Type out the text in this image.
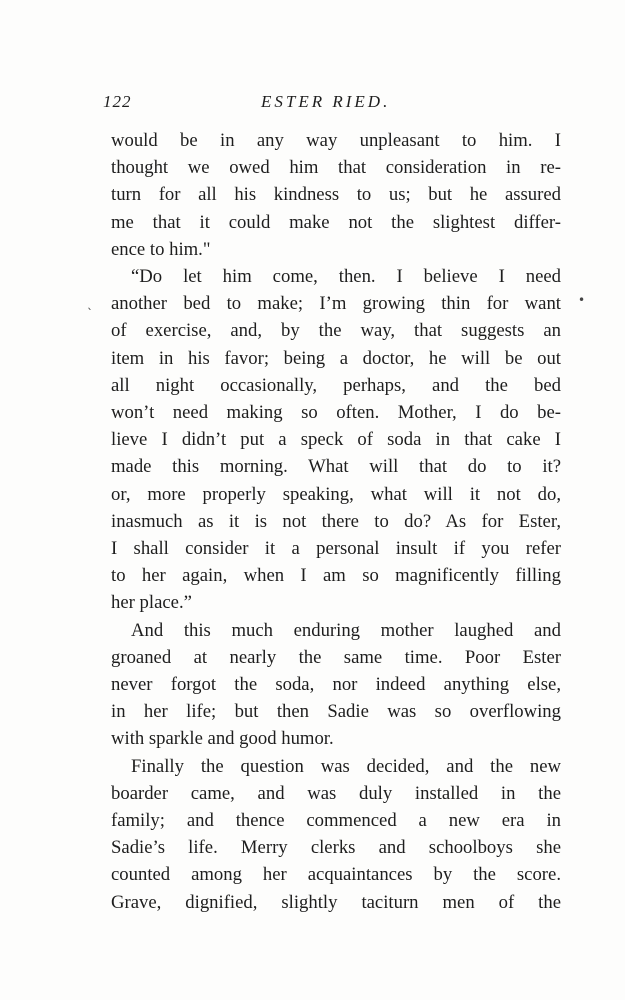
122	ESTER RIED.
would be in any way unpleasant to him. I
thought we owed him that consideration in re-
turn for all his kindness to us; but he assured
me that it could make not the slightest differ-
ence to him."
“Do let him come, then. I believe I need
another bed to make; I’m growing thin for want
of exercise, and, by the way, that suggests an
item in his favor; being a doctor, he will be out
all night occasionally, perhaps, and the bed
won’t need making so often. Mother, I do be-
lieve I didn’t put a speck of soda in that cake I
made this morning. What will that do to it?
or, more properly speaking, what will it not do,
inasmuch as it is not there to do? As for Ester,
I shall consider it a personal insult if you refer
to her again, when I am so magnificently filling
her place.”
And this much enduring mother laughed and
groaned at nearly the same time. Poor Ester
never forgot the soda, nor indeed anything else,
in her life; but then Sadie was so overflowing
with sparkle and good humor.
Finally the question was decided, and the new
boarder came, and was duly installed in the
family; and thence commenced a new era in
Sadie’s life. Merry clerks and schoolboys she
counted among her acquaintances by the score.
Grave, dignified, slightly taciturn men of the
ˎ	•
